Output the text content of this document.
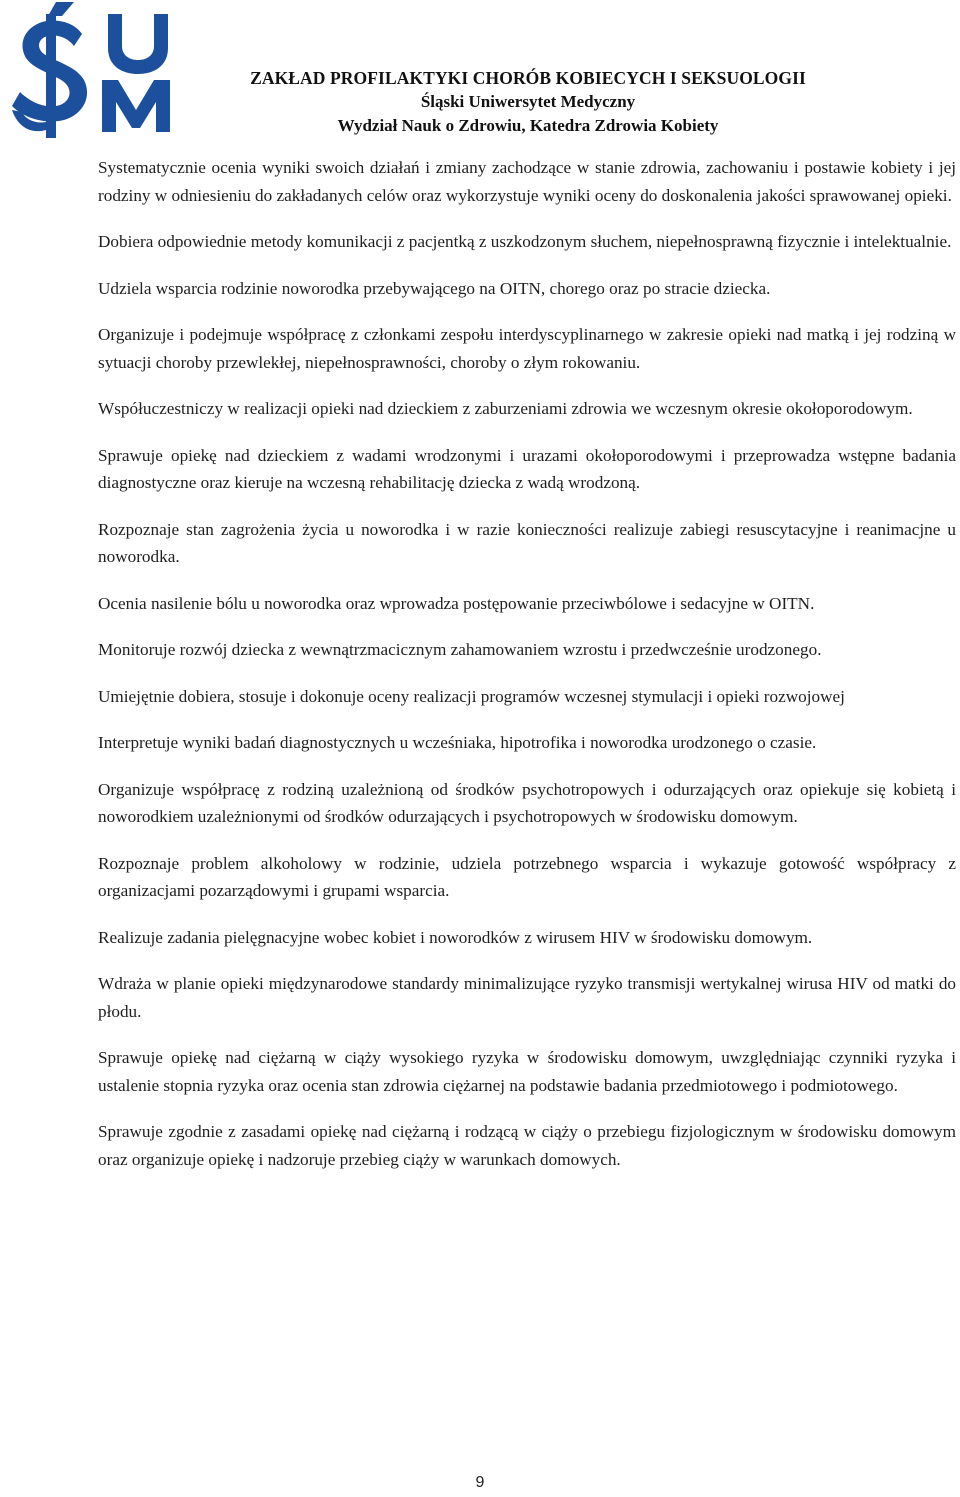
ZAKŁAD PROFILAKTYKI CHORÓB KOBIECYCH I SEKSUOLOGII
Śląski Uniwersytet Medyczny
Wydział Nauk o Zdrowiu, Katedra Zdrowia Kobiety

Systematycznie ocenia wyniki swoich działań i zmiany zachodzące w stanie zdrowia, zachowaniu i postawie kobiety i jej rodziny w odniesieniu do zakładanych celów oraz wykorzystuje wyniki oceny do doskonalenia jakości sprawowanej opieki.

Dobiera odpowiednie metody komunikacji z pacjentką z uszkodzonym słuchem, niepełnosprawną fizycznie i intelektualnie.

Udziela wsparcia rodzinie noworodka przebywającego na OITN, chorego oraz po stracie dziecka.

Organizuje i podejmuje współpracę z członkami zespołu interdyscyplinarnego w zakresie opieki nad matką i jej rodziną w sytuacji choroby przewlekłej, niepełnosprawności, choroby o złym rokowaniu.

Współuczestniczy w realizacji opieki nad dzieckiem z zaburzeniami zdrowia we wczesnym okresie okołoporodowym.

Sprawuje opiekę nad dzieckiem z wadami wrodzonymi i urazami okołoporodowymi i przeprowadza wstępne badania diagnostyczne oraz kieruje na wczesną rehabilitację dziecka z wadą wrodzoną.

Rozpoznaje stan zagrożenia życia u noworodka i w razie konieczności realizuje zabiegi resuscytacyjne i reanimacjne u noworodka.

Ocenia nasilenie bólu u noworodka oraz wprowadza postępowanie przeciwbólowe i sedacyjne w OITN.

Monitoruje rozwój dziecka z wewnątrzmacicznym zahamowaniem wzrostu i przedwcześnie urodzonego.

Umiejętnie dobiera, stosuje i dokonuje oceny realizacji programów wczesnej stymulacji i opieki rozwojowej

Interpretuje wyniki badań diagnostycznych u wcześniaka, hipotrofika i noworodka urodzonego o czasie.

Organizuje współpracę z rodziną uzależnioną od środków psychotropowych i odurzających oraz opiekuje się kobietą i noworodkiem uzależnionymi od środków odurzających i psychotropowych w środowisku domowym.

Rozpoznaje problem alkoholowy w rodzinie, udziela potrzebnego wsparcia i wykazuje gotowość współpracy z organizacjami pozarządowymi i grupami wsparcia.

Realizuje zadania pielęgnacyjne wobec kobiet i noworodków z wirusem HIV w środowisku domowym.

Wdraża w planie opieki międzynarodowe standardy minimalizujące ryzyko transmisji wertykalnej wirusa HIV od matki do płodu.

Sprawuje opiekę nad ciężarną w ciąży wysokiego ryzyka w środowisku domowym, uwzględniając czynniki ryzyka i ustalenie stopnia ryzyka oraz ocenia stan zdrowia ciężarnej na podstawie badania przedmiotowego i podmiotowego.

Sprawuje zgodnie z zasadami opiekę nad ciężarną i rodzącą w ciąży o przebiegu fizjologicznym w środowisku domowym oraz organizuje opiekę i nadzoruje przebieg ciąży w warunkach domowych.

9
